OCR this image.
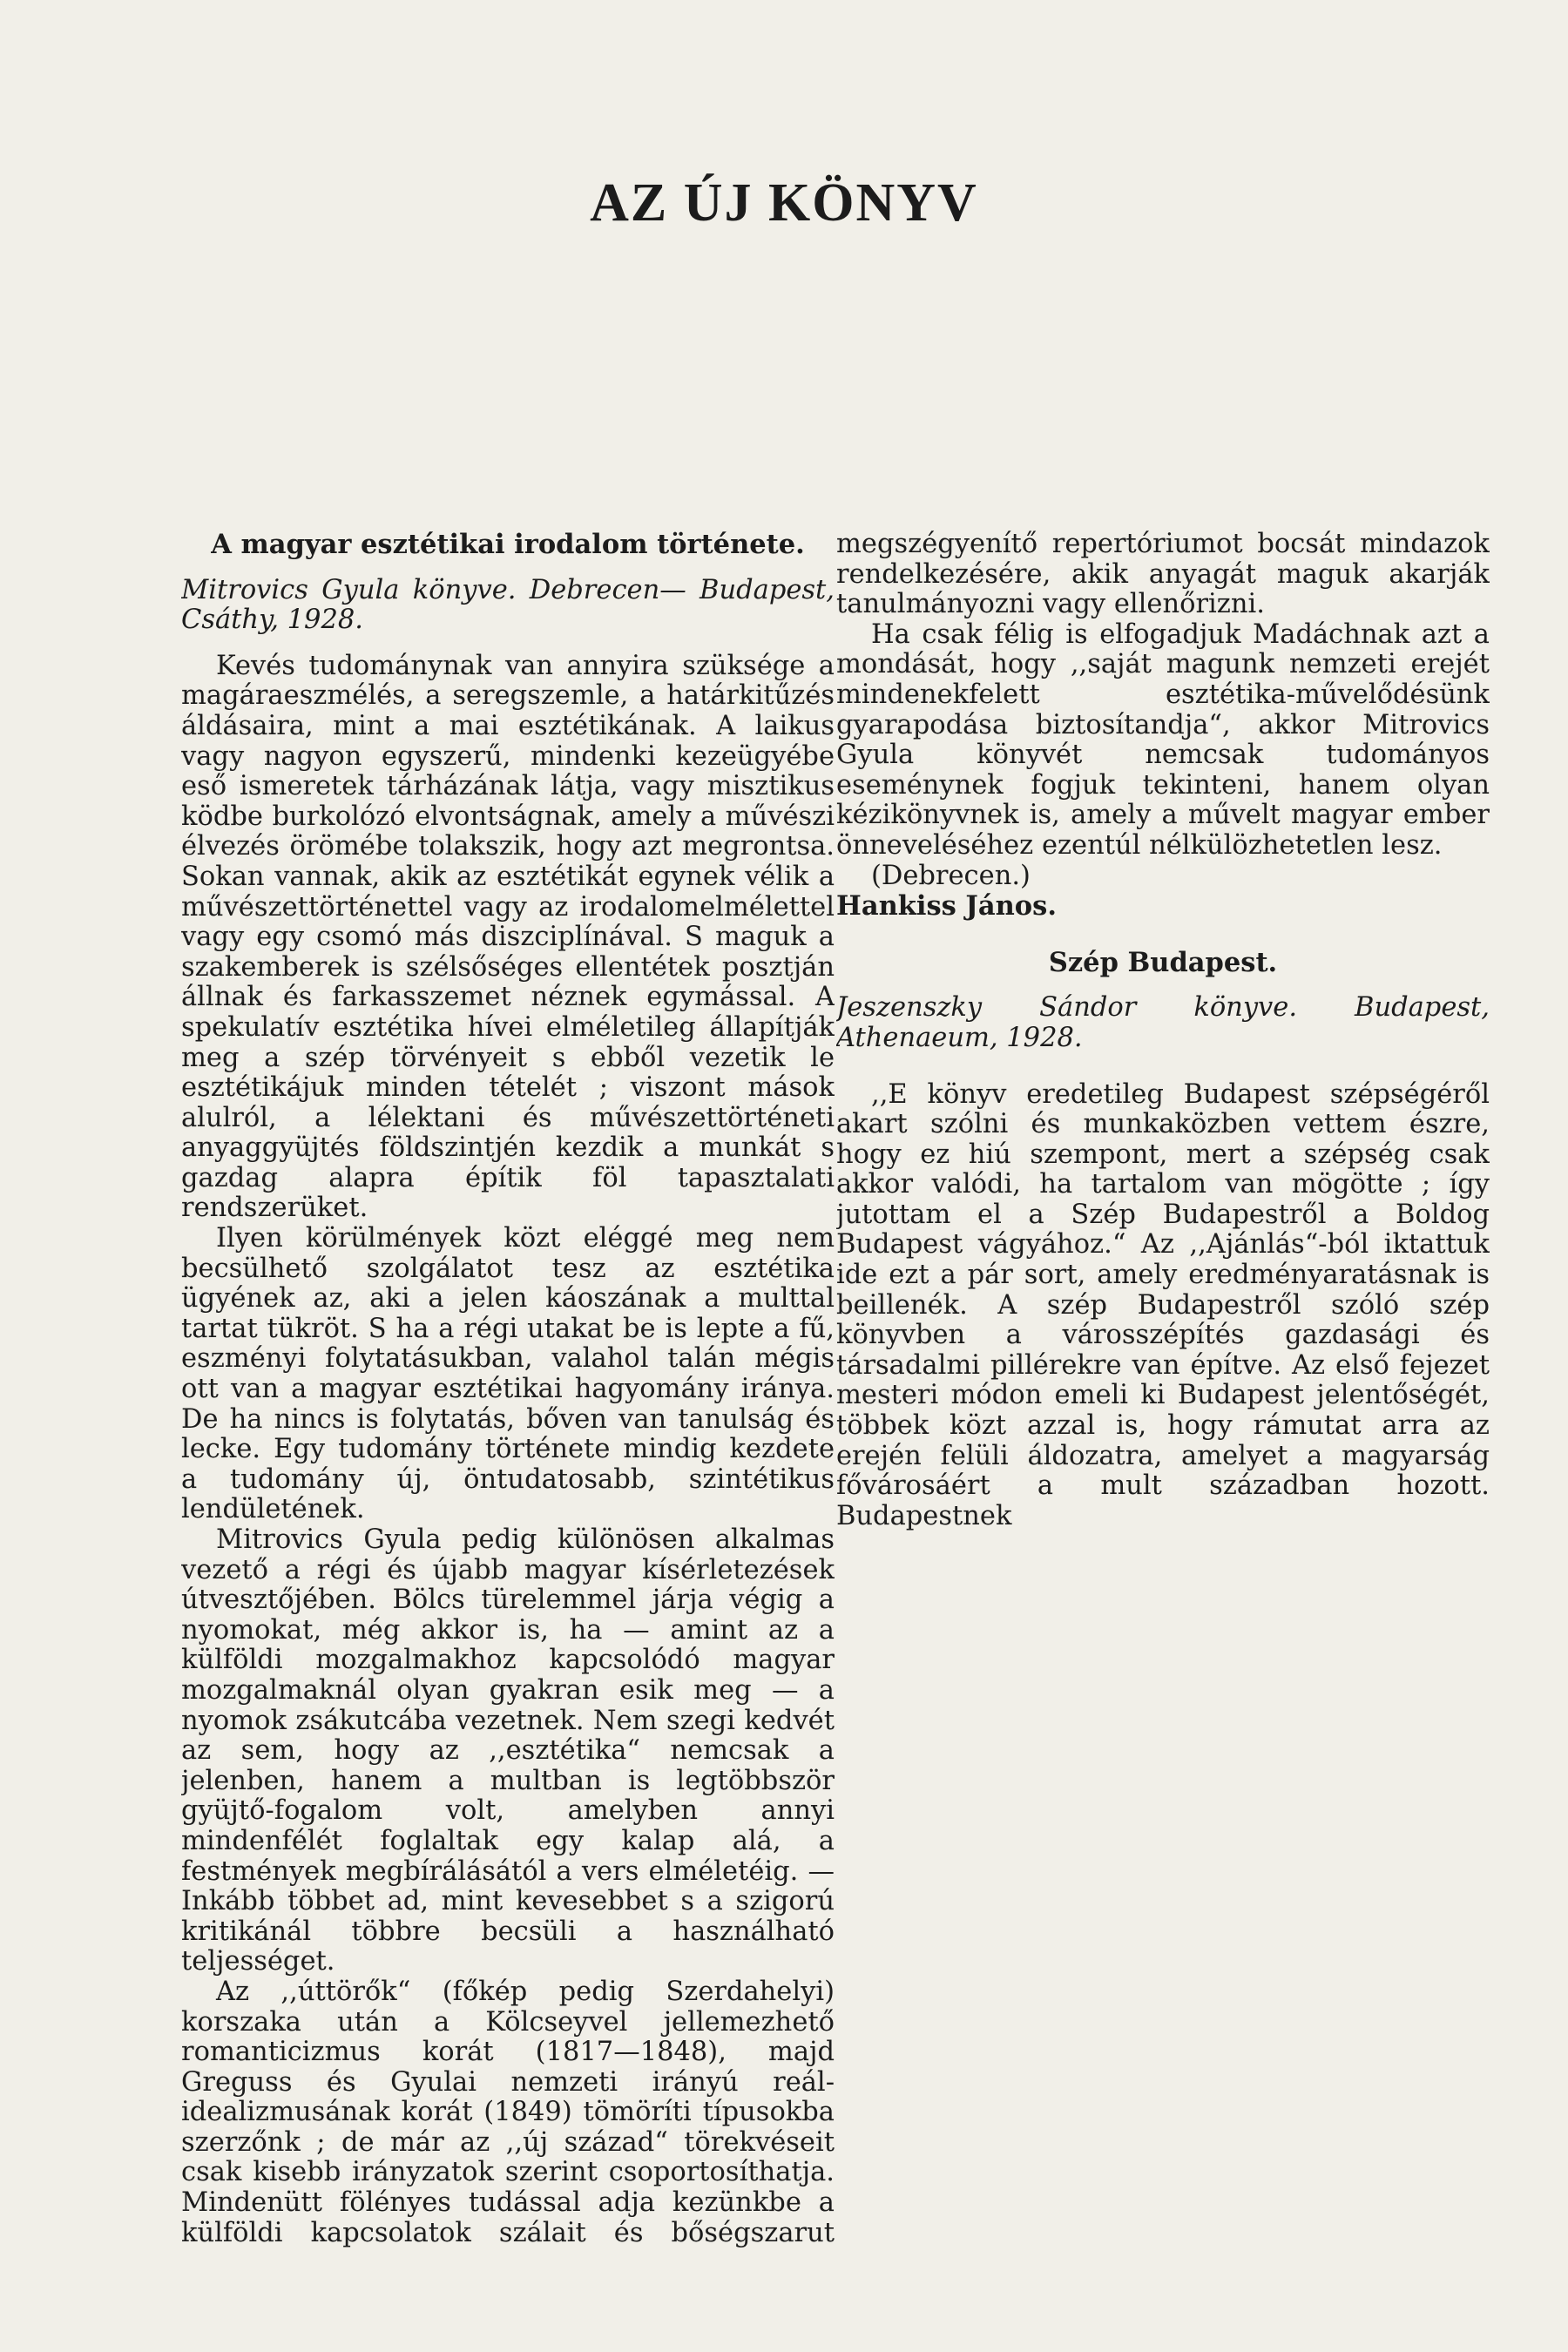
AZ ÚJ KÖNYV

A magyar esztétikai irodalom története.

Mitrovics Gyula könyve. Debrecen— Budapest, Csáthy, 1928.

Kevés tudománynak van annyira szüksége a magáraeszmélés, a seregszemle, a határkitűzés áldásaira, mint a mai esztétikának. A laikus vagy nagyon egyszerű, mindenki kezeügyébe eső ismeretek tárházának látja, vagy misztikus ködbe burkolózó elvontságnak, amely a művészi élvezés örömébe tolakszik, hogy azt megrontsa. Sokan vannak, akik az esztétikát egynek vélik a művészettörténettel vagy az irodalomelmélettel vagy egy csomó más diszciplínával. S maguk a szakemberek is szélsőséges ellentétek posztján állnak és farkasszemet néznek egymással. A spekulatív esztétika hívei elméletileg állapítják meg a szép törvényeit s ebből vezetik le esztétikájuk minden tételét ; viszont mások alulról, a lélektani és művészettörténeti anyaggyüjtés földszintjén kezdik a munkát s gazdag alapra építik föl tapasztalati rendszerüket.

Ilyen körülmények közt eléggé meg nem becsülhető szolgálatot tesz az esztétika ügyének az, aki a jelen káoszának a multtal tartat tükröt. S ha a régi utakat be is lepte a fű, eszményi folytatásukban, valahol talán mégis ott van a magyar esztétikai hagyomány iránya. De ha nincs is folytatás, bőven van tanulság és lecke. Egy tudomány története mindig kezdete a tudomány új, öntudatosabb, szintétikus lendületének.

Mitrovics Gyula pedig különösen alkalmas vezető a régi és újabb magyar kísérletezések útvesztőjében. Bölcs türelemmel járja végig a nyomokat, még akkor is, ha — amint az a külföldi mozgalmakhoz kapcsolódó magyar mozgalmaknál olyan gyakran esik meg — a nyomok zsákutcába vezetnek. Nem szegi kedvét az sem, hogy az ,,esztétika“ nemcsak a jelenben, hanem a multban is legtöbbször gyüjtő-fogalom volt, amelyben annyi mindenfélét foglaltak egy kalap alá, a festmények megbírálásától a vers elméletéig. — Inkább többet ad, mint kevesebbet s a szigorú kritikánál többre becsüli a használható teljességet.

Az ,,úttörők“ (főkép pedig Szerdahelyi) korszaka után a Kölcseyvel jellemezhető romanticizmus korát (1817—1848), majd Greguss és Gyulai nemzeti irányú reál-idealizmusának korát (1849) tömöríti típusokba szerzőnk ; de már az ,,új század“ törekvéseit csak kisebb irányzatok szerint csoportosíthatja. Mindenütt fölényes tudással adja kezünkbe a külföldi kapcsolatok szálait és bőségszarut

megszégyenítő repertóriumot bocsát mindazok rendelkezésére, akik anyagát maguk akarják tanulmányozni vagy ellenőrizni.

Ha csak félig is elfogadjuk Madáchnak azt a mondását, hogy ,,saját magunk nemzeti erejét mindenekfelett esztétika-művelődésünk gyarapodása biztosítandja“, akkor Mitrovics Gyula könyvét nemcsak tudományos eseménynek fogjuk tekinteni, hanem olyan kézikönyvnek is, amely a művelt magyar ember önneveléséhez ezentúl nélkülözhetetlen lesz.

(Debrecen.)

Hankiss János.

Szép Budapest.

Jeszenszky Sándor könyve. Budapest, Athenaeum, 1928.

,,E könyv eredetileg Budapest szépségéről akart szólni és munkaközben vettem észre, hogy ez hiú szempont, mert a szépség csak akkor valódi, ha tartalom van mögötte ; így jutottam el a Szép Budapestről a Boldog Budapest vágyához.“ Az ,,Ajánlás“-ból iktattuk ide ezt a pár sort, amely eredményaratásnak is beillenék. A szép Budapestről szóló szép könyvben a városszépítés gazdasági és társadalmi pillérekre van építve. Az első fejezet mesteri módon emeli ki Budapest jelentőségét, többek közt azzal is, hogy rámutat arra az erején felüli áldozatra, amelyet a magyarság fővárosáért a mult században hozott. Budapestnek
